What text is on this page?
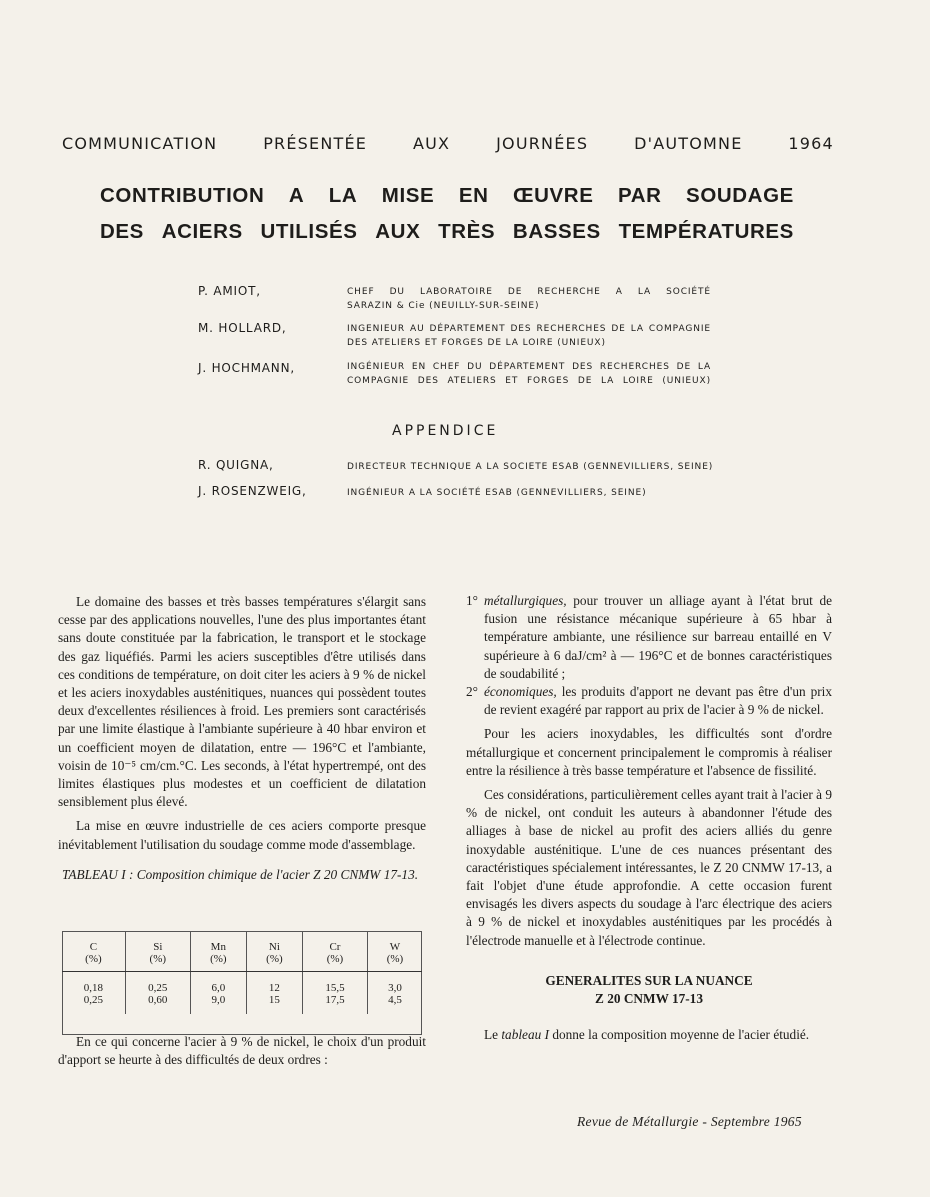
COMMUNICATION	PRÉSENTÉE	AUX	JOURNÉES	D'AUTOMNE	1964
CONTRIBUTION A LA MISE EN ŒUVRE PAR SOUDAGE
DES ACIERS UTILISÉS AUX TRÈS BASSES TEMPÉRATURES
P. AMIOT,	CHEF DU LABORATOIRE DE RECHERCHE A LA SOCIÉTÉ
SARAZIN & Cie (NEUILLY-SUR-SEINE)
M. HOLLARD,	INGENIEUR AU DÉPARTEMENT DES RECHERCHES DE LA COMPAGNIE
DES ATELIERS ET FORGES DE LA LOIRE (UNIEUX)
J. HOCHMANN,	INGÉNIEUR EN CHEF DU DÉPARTEMENT DES RECHERCHES DE LA
COMPAGNIE DES ATELIERS ET FORGES DE LA LOIRE (UNIEUX)
APPENDICE
R. QUIGNA,	DIRECTEUR TECHNIQUE A LA SOCIETE ESAB (GENNEVILLIERS, SEINE)
J. ROSENZWEIG,	INGÉNIEUR A LA SOCIÉTÉ ESAB (GENNEVILLIERS, SEINE)

Le domaine des basses et très basses températures s'élargit sans cesse par des applications nouvelles, l'une des plus importantes étant sans doute constituée par la fabrication, le transport et le stockage des gaz liquéfiés. Parmi les aciers susceptibles d'être utilisés dans ces conditions de température, on doit citer les aciers à 9 % de nickel et les aciers inoxydables austénitiques, nuances qui possèdent toutes deux d'excellentes résiliences à froid. Les premiers sont caractérisés par une limite élastique à l'ambiante supérieure à 40 hbar environ et un coefficient moyen de dilatation, entre — 196°C et l'ambiante, voisin de 10⁻⁵ cm/cm.°C. Les seconds, à l'état hypertrempé, ont des limites élastiques plus modestes et un coefficient de dilatation sensiblement plus élevé.

La mise en œuvre industrielle de ces aciers comporte presque inévitablement l'utilisation du soudage comme mode d'assemblage.

TABLEAU I : Composition chimique de l'acier Z 20 CNMW 17-13.

En ce qui concerne l'acier à 9 % de nickel, le choix d'un produit d'apport se heurte à des difficultés de deux ordres :

C	Si	Mn	Ni	Cr	W
(%)	(%)	(%)	(%)	(%)	(%)
0,18	0,25	6,0	12	15,5	3,0
0,25	0,60	9,0	15	17,5	4,5
1° métallurgiques, pour trouver un alliage ayant à l'état brut de fusion une résistance mécanique supérieure à 65 hbar à température ambiante, une résilience sur barreau entaillé en V supérieure à 6 daJ/cm² à — 196°C et de bonnes caractéristiques de soudabilité ;
2° économiques, les produits d'apport ne devant pas être d'un prix de revient exagéré par rapport au prix de l'acier à 9 % de nickel.

Pour les aciers inoxydables, les difficultés sont d'ordre métallurgique et concernent principalement le compromis à réaliser entre la résilience à très basse température et l'absence de fissilité.

Ces considérations, particulièrement celles ayant trait à l'acier à 9 % de nickel, ont conduit les auteurs à abandonner l'étude des alliages à base de nickel au profit des aciers alliés du genre inoxydable austénitique. L'une de ces nuances présentant des caractéristiques spécialement intéressantes, le Z 20 CNMW 17-13, a fait l'objet d'une étude approfondie. A cette occasion furent envisagés les divers aspects du soudage à l'arc électrique des aciers à 9 % de nickel et inoxydables austénitiques par les procédés à l'électrode manuelle et à l'électrode continue.

GENERALITES SUR LA NUANCE
Z 20 CNMW 17-13

Le tableau I donne la composition moyenne de l'acier étudié.

Revue de Métallurgie - Septembre 1965
